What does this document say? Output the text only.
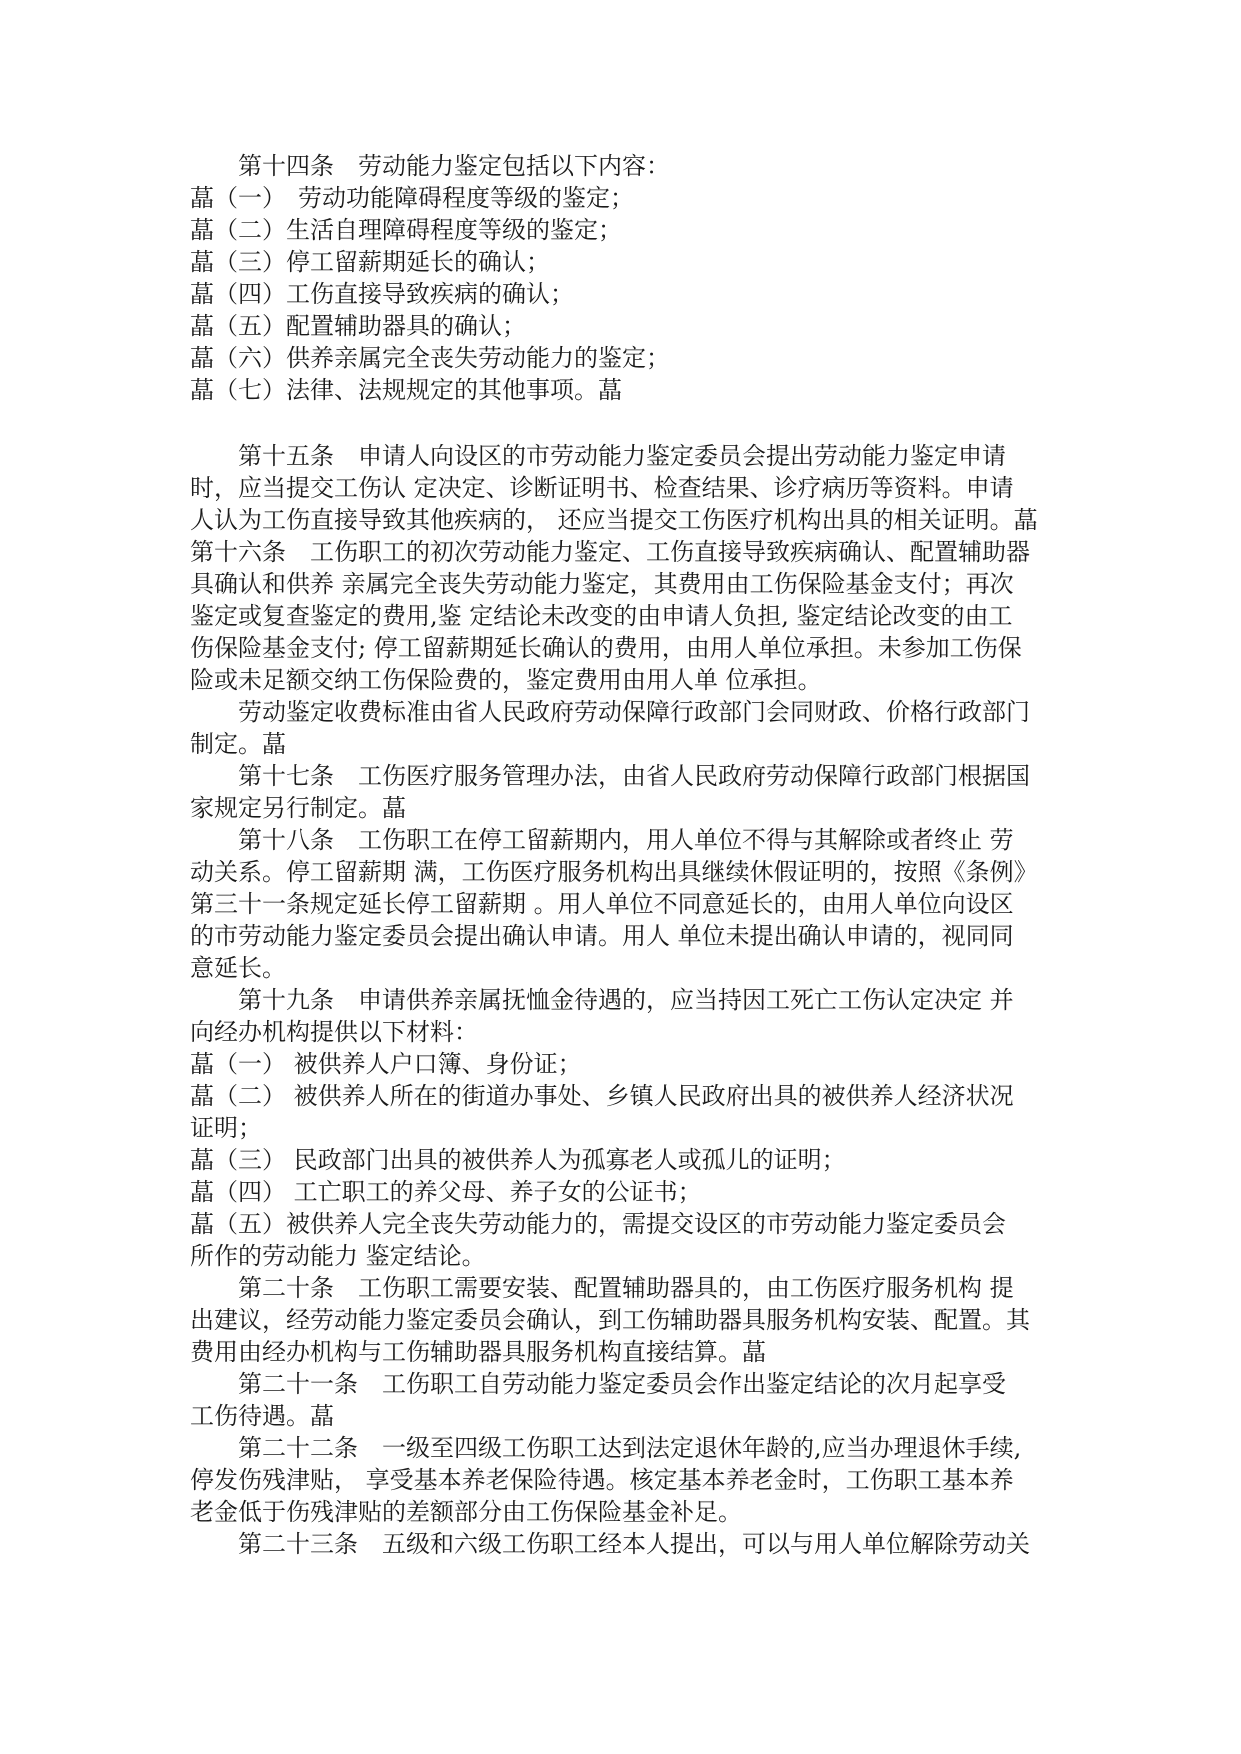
第十四条　劳动能力鉴定包括以下内容：
蕌（一）　劳动功能障碍程度等级的鉴定；
蕌（二）生活自理障碍程度等级的鉴定；
蕌（三）停工留薪期延长的确认；
蕌（四）工伤直接导致疾病的确认；
蕌（五）配置辅助器具的确认；
蕌（六）供养亲属完全丧失劳动能力的鉴定；
蕌（七）法律、法规规定的其他事项。蕌
第十五条　申请人向设区的市劳动能力鉴定委员会提出劳动能力鉴定申请
时，应当提交工伤认 定决定、诊断证明书、检查结果、诊疗病历等资料。申请
人认为工伤直接导致其他疾病的， 还应当提交工伤医疗机构出具的相关证明。蕌
第十六条　工伤职工的初次劳动能力鉴定、工伤直接导致疾病确认、配置辅助器
具确认和供养 亲属完全丧失劳动能力鉴定，其费用由工伤保险基金支付；再次
鉴定或复查鉴定的费用,鉴 定结论未改变的由申请人负担, 鉴定结论改变的由工
伤保险基金支付; 停工留薪期延长确认的费用，由用人单位承担。未参加工伤保
险或未足额交纳工伤保险费的，鉴定费用由用人单 位承担。
劳动鉴定收费标准由省人民政府劳动保障行政部门会同财政、价格行政部门
制定。蕌
第十七条　工伤医疗服务管理办法，由省人民政府劳动保障行政部门根据国
家规定另行制定。蕌
第十八条　工伤职工在停工留薪期内，用人单位不得与其解除或者终止 劳
动关系。停工留薪期 满，工伤医疗服务机构出具继续休假证明的，按照《条例》
第三十一条规定延长停工留薪期 。用人单位不同意延长的，由用人单位向设区
的市劳动能力鉴定委员会提出确认申请。用人 单位未提出确认申请的，视同同
意延长。
第十九条　申请供养亲属抚恤金待遇的，应当持因工死亡工伤认定决定 并
向经办机构提供以下材料：
蕌（一） 被供养人户口簿、身份证；
蕌（二） 被供养人所在的街道办事处、乡镇人民政府出具的被供养人经济状况
证明；
蕌（三） 民政部门出具的被供养人为孤寡老人或孤儿的证明；
蕌（四） 工亡职工的养父母、养子女的公证书；
蕌（五）被供养人完全丧失劳动能力的，需提交设区的市劳动能力鉴定委员会
所作的劳动能力 鉴定结论。
第二十条　工伤职工需要安装、配置辅助器具的，由工伤医疗服务机构 提
出建议，经劳动能力鉴定委员会确认，到工伤辅助器具服务机构安装、配置。其
费用由经办机构与工伤辅助器具服务机构直接结算。蕌
第二十一条　工伤职工自劳动能力鉴定委员会作出鉴定结论的次月起享受
工伤待遇。蕌
第二十二条　一级至四级工伤职工达到法定退休年龄的,应当办理退休手续,
停发伤残津贴， 享受基本养老保险待遇。核定基本养老金时，工伤职工基本养
老金低于伤残津贴的差额部分由工伤保险基金补足。
第二十三条　五级和六级工伤职工经本人提出，可以与用人单位解除劳动关
